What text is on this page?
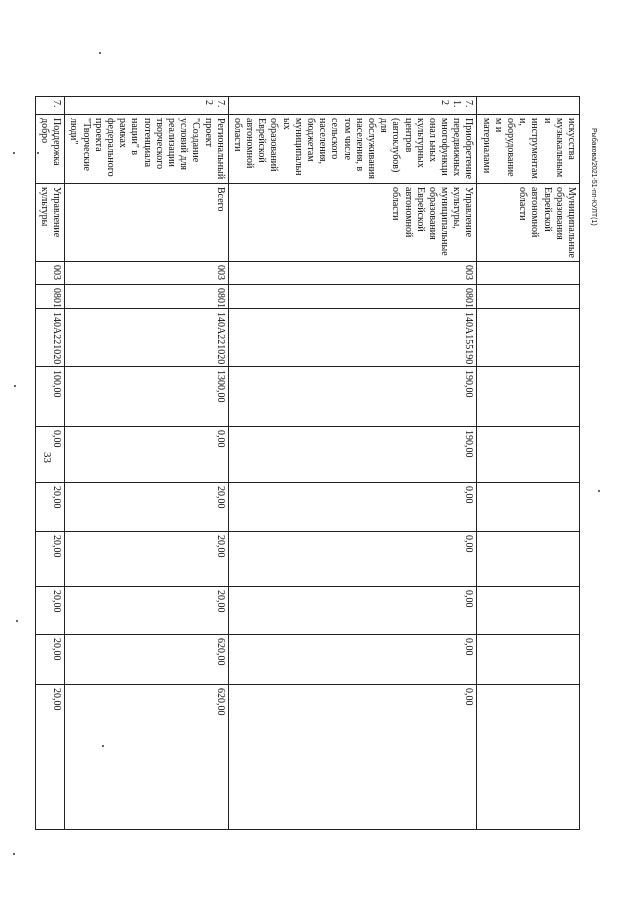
33
	искусства музыкальными инструментами, оборудованием и материалами	Муниципальные образования Еврейской автономной области										
7. 1. 2	Приобретение передвижных многофункционал ьных культурных центров (автоклубов) для обслуживания населения, в том числе сельского населения, бюджетам муниципальных образований Еврейской автономной области	Управление культуры, муниципальные образования Еврейской автономной области	003	0801	140A155190	190,00	190,00	0,00	0,00	0,00	0,00	0,00
7. 2	Региональный проект "Создание условий для реализации творческого потенциала нации" в рамках федерального проекта "Творческие люди"	Всего	003	0801	140A221020	1300,00	0,00	20,00	20,00	20,00	620,00	620,00
7.	Поддержка добро	Управление культуры	003	0801	140A221020	100,00	0,00	20,00	20,00	20,00	20,00	20,00
Рыбакова/2021-51-пп-КУЛТ(1)
